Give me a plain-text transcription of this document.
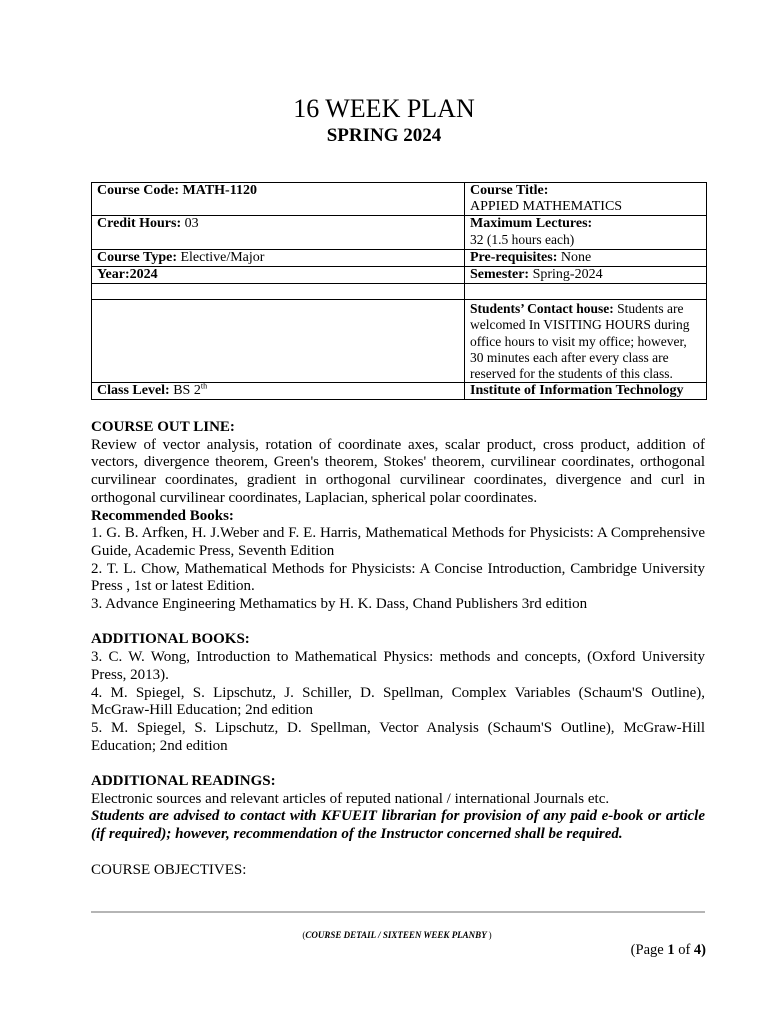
16 WEEK PLAN
SPRING 2024
Course Code: MATH-1120	Course Title:
APPIED MATHEMATICS
Credit Hours: 03	Maximum Lectures:
32 (1.5 hours each)
Course Type: Elective/Major	Pre-requisites: None
Year:2024	Semester: Spring-2024

	Students’ Contact house: Students are welcomed In VISITING HOURS during office hours to visit my office; however, 30 minutes each after every class are reserved for the students of this class.
Class Level: BS 2th	Institute of Information Technology

COURSE OUT LINE:

Review of vector analysis, rotation of coordinate axes, scalar product, cross product, addition of vectors, divergence theorem, Green's theorem, Stokes' theorem, curvilinear coordinates, orthogonal curvilinear coordinates, gradient in orthogonal curvilinear coordinates, divergence and curl in orthogonal curvilinear coordinates, Laplacian, spherical polar coordinates.

Recommended Books:

1. G. B. Arfken, H. J.Weber and F. E. Harris, Mathematical Methods for Physicists: A Comprehensive Guide, Academic Press, Seventh Edition

2. T. L. Chow, Mathematical Methods for Physicists: A Concise Introduction, Cambridge University Press , 1st or latest Edition.

3. Advance Engineering Methamatics by H. K. Dass, Chand Publishers 3rd edition

ADDITIONAL BOOKS:

3. C. W. Wong, Introduction to Mathematical Physics: methods and concepts, (Oxford University Press, 2013).

4. M. Spiegel, S. Lipschutz, J. Schiller, D. Spellman, Complex Variables (Schaum'S Outline), McGraw-Hill Education; 2nd edition

5. M. Spiegel, S. Lipschutz, D. Spellman, Vector Analysis (Schaum'S Outline), McGraw-Hill Education; 2nd edition

ADDITIONAL READINGS:

Electronic sources and relevant articles of reputed national / international Journals etc.

Students are advised to contact with KFUEIT librarian for provision of any paid e-book or article (if required); however, recommendation of the Instructor concerned shall be required.

COURSE OBJECTIVES:

(COURSE DETAIL / SIXTEEN WEEK PLANBY )
(Page 1 of 4)
